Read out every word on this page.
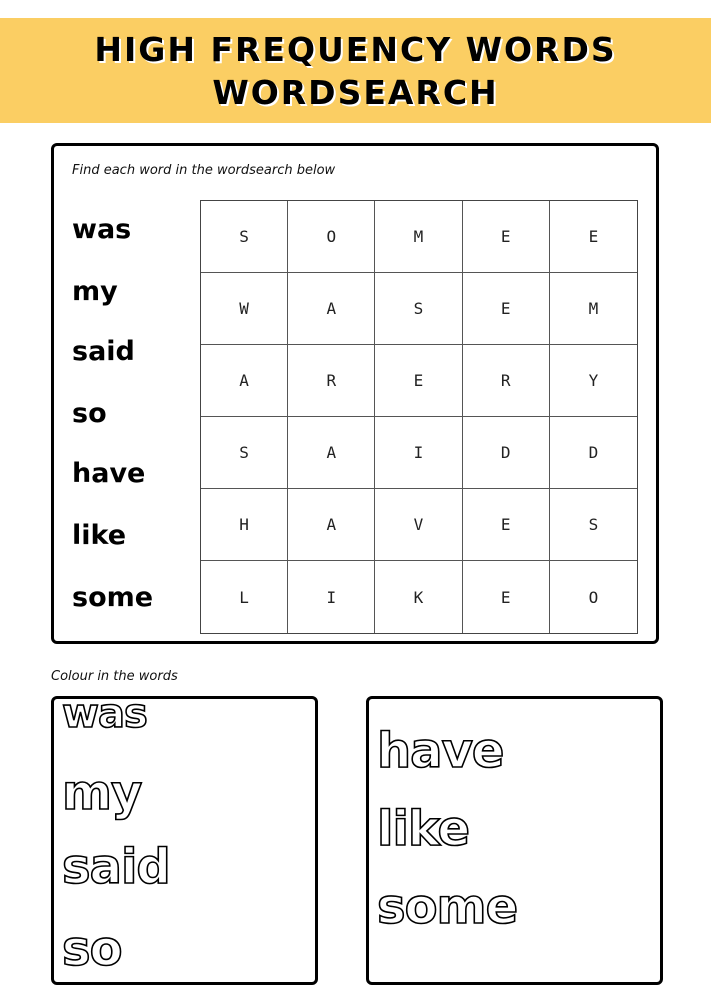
HIGH FREQUENCY WORDS
WORDSEARCH
Find each word in the wordsearch below
was
my
said
so
have
like
some
S	O	M	E	E
W	A	S	E	M
A	R	E	R	Y
S	A	I	D	D
H	A	V	E	S
L	I	K	E	O
Colour in the words
was
my
said
so
have
like
some
